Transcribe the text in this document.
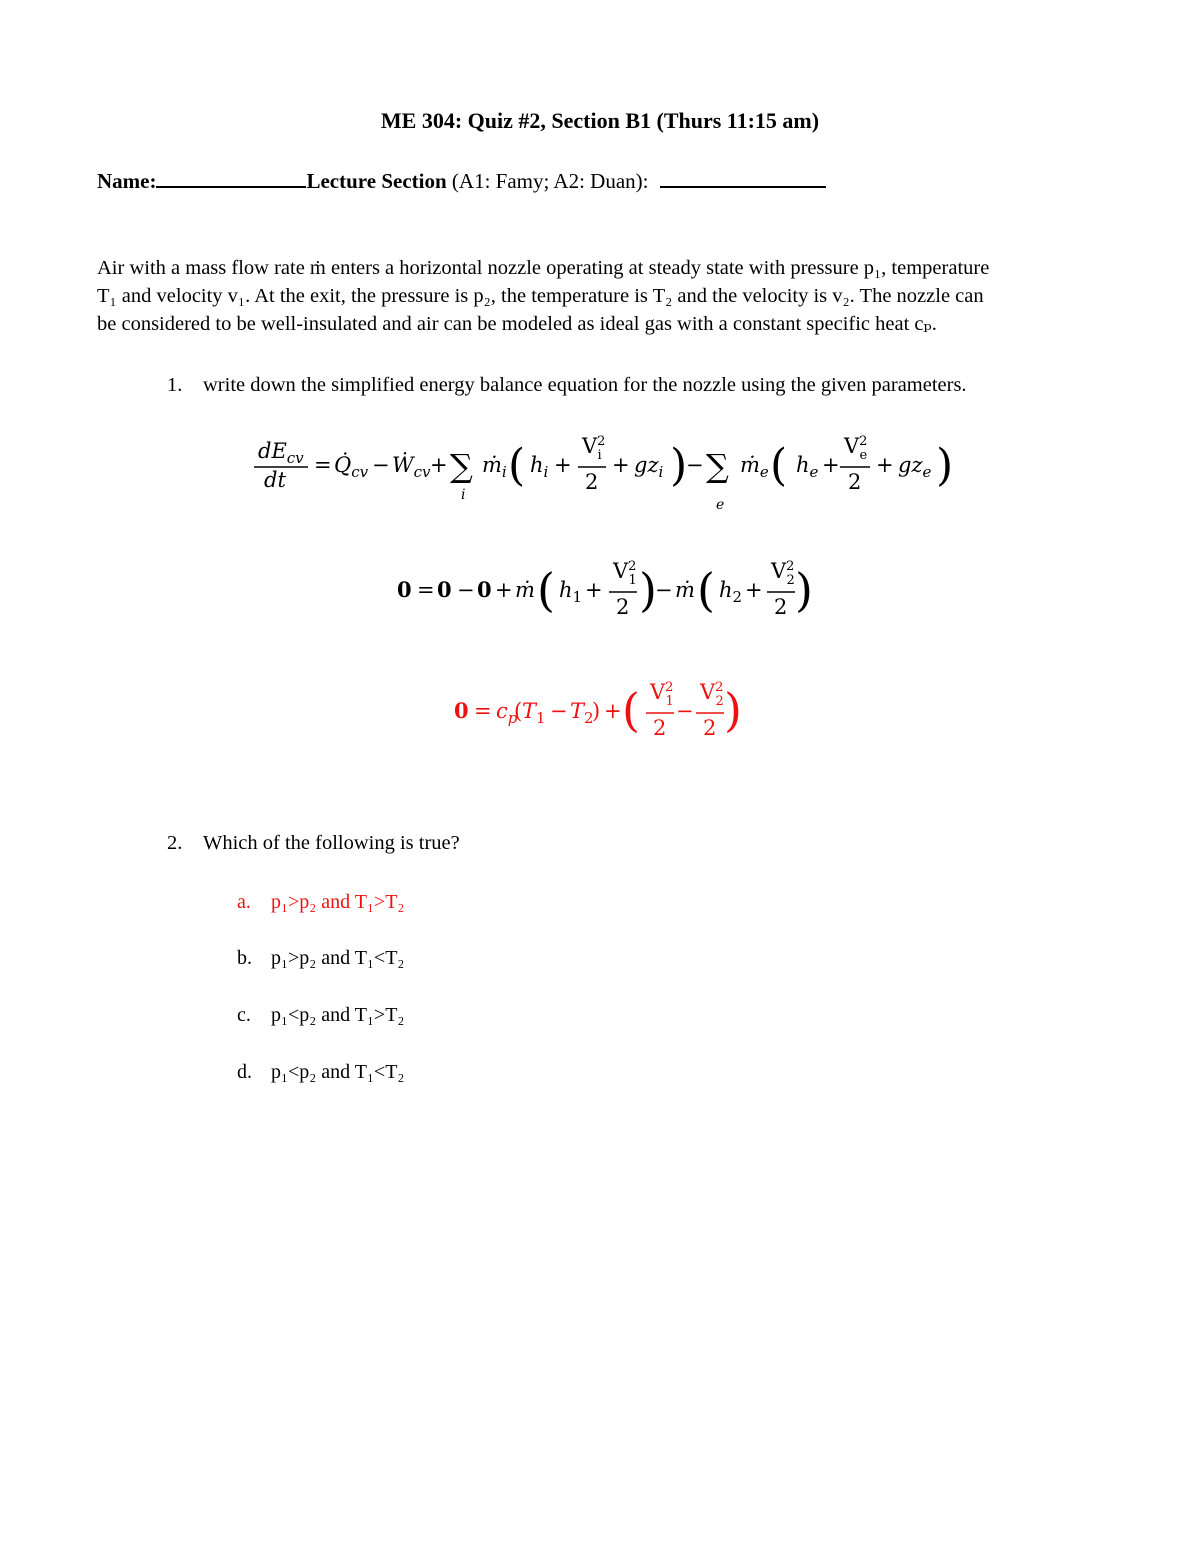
ME 304: Quiz #2, Section B1 (Thurs 11:15 am)
Name:	Lecture Section (A1: Famy; A2: Duan):

Air with a mass flow rate ṁ enters a horizontal nozzle operating at steady state with pressure p₁, temperature

T₁ and velocity v₁. At the exit, the pressure is p₂, the temperature is T₂ and the velocity is v₂. The nozzle can

be considered to be well-insulated and air can be modeled as ideal gas with a constant specific heat cₚ.

1. write down the simplified energy balance equation for the nozzle using the given parameters.
$dE_{cv}$
dt
= $Q̇_{cv}$ − Ẇ$_{cv}$ + ∑
i
ṁ$_i$ ( $h_i$ +
$V^2$ i
2
+ $gz_i$ )
− ∑
e
ṁ$_e$ ( $h_e$ +
$V^2$ e
2
+ $gz_e$ )
0 = 0 − 0 + ṁ ( $h_1$ +
$V^2$ 1
2 )
− ṁ ( $h_2$ +
$V^2$ 2
2 )
$0 = c_p$
( $T_1 - T_2$
) + ( $V^2$ 1
2
−
$V^2$ 2
2 )
2. Which of the following is true?
a. p₁>p₂ and T₁>T₂
b. p₁>p₂ and T₁<T₂
c. p₁<p₂ and T₁>T₂
d. p₁<p₂ and T₁<T₂
